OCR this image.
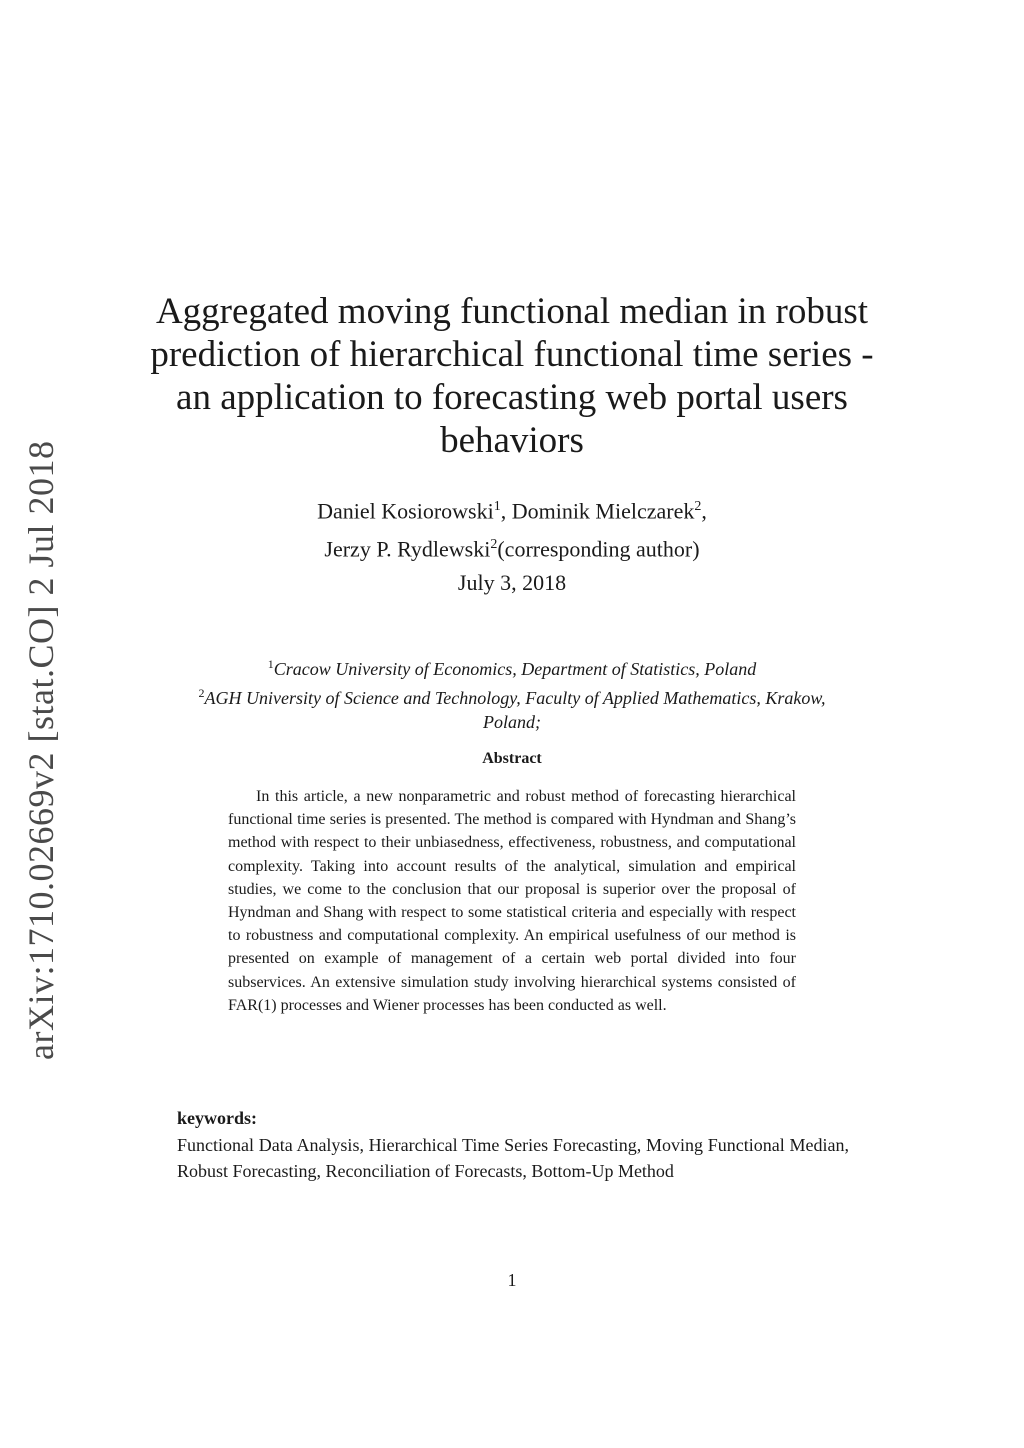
arXiv:1710.02669v2 [stat.CO] 2 Jul 2018
Aggregated moving functional median in robust prediction of hierarchical functional time series - an application to forecasting web portal users behaviors
Daniel Kosiorowski$^1$, Dominik Mielczarek$^2$,
Jerzy P. Rydlewski$^2$(corresponding author)
July 3, 2018
$^1$Cracow University of Economics, Department of Statistics, Poland
$^2$AGH University of Science and Technology, Faculty of Applied Mathematics, Krakow, Poland;
Abstract
In this article, a new nonparametric and robust method of forecasting hierarchical functional time series is presented. The method is compared with Hyndman and Shang’s method with respect to their unbiasedness, effectiveness, robustness, and computational complexity. Taking into account results of the analytical, simulation and empirical studies, we come to the conclusion that our proposal is superior over the proposal of Hyndman and Shang with respect to some statistical criteria and especially with respect to robustness and computational complexity. An empirical usefulness of our method is presented on example of management of a certain web portal divided into four subservices. An extensive simulation study involving hierarchical systems consisted of FAR(1) processes and Wiener processes has been conducted as well.
keywords:
Functional Data Analysis, Hierarchical Time Series Forecasting, Moving Functional Median, Robust Forecasting, Reconciliation of Forecasts, Bottom-Up Method
1
